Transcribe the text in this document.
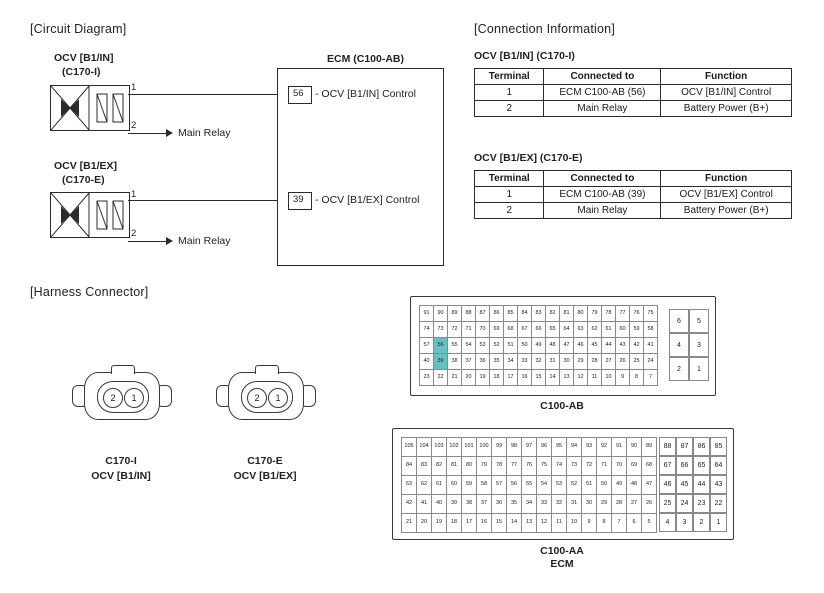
[Circuit Diagram]	[Connection Information]
[Harness Connector]
OCV [B1/IN]
(C170-I)
1
2
Main Relay
OCV [B1/EX]
(C170-E)
1
2
Main Relay
ECM (C100-AB)
56 - OCV [B1/IN] Control
39 - OCV [B1/EX] Control
OCV [B1/IN] (C170-I)
Terminal	Connected to	Function
1	ECM C100-AB (56)	OCV [B1/IN] Control
2	Main Relay	Battery Power (B+)
OCV [B1/EX] (C170-E)
Terminal	Connected to	Function
1	ECM C100-AB (39)	OCV [B1/EX] Control
2	Main Relay	Battery Power (B+)
2	1
C170-I
OCV [B1/IN]
2	1
C170-E
OCV [B1/EX]
91	90	89	88	87	86	85	84	83	82	81	80	79	78	77	76	75
74	73	72	71	70	69	68	67	66	65	64	63	62	61	60	59	58
57	56	55	54	53	52	51	50	49	48	47	46	45	44	43	42	41
40	39	38	37	36	35	34	33	32	31	30	29	28	27	26	25	24
23	22	21	20	19	18	17	16	15	14	13	12	11	10	9	8	7
6	5
4	3
2	1
C100-AB
105	104	103	102	101	100	99	98	97	96	95	94	93	92	91	90	89
84	83	82	81	80	79	78	77	76	75	74	73	72	71	70	69	68
63	62	61	60	59	58	57	56	55	54	53	52	51	50	49	48	47
42	41	40	39	38	37	36	35	34	33	32	31	30	29	28	27	26
21	20	19	18	17	16	15	14	13	12	11	10	9	8	7	6	5
88	87	86	85
67	66	65	64
46	45	44	43
25	24	23	22
4	3	2	1
C100-AA
ECM
